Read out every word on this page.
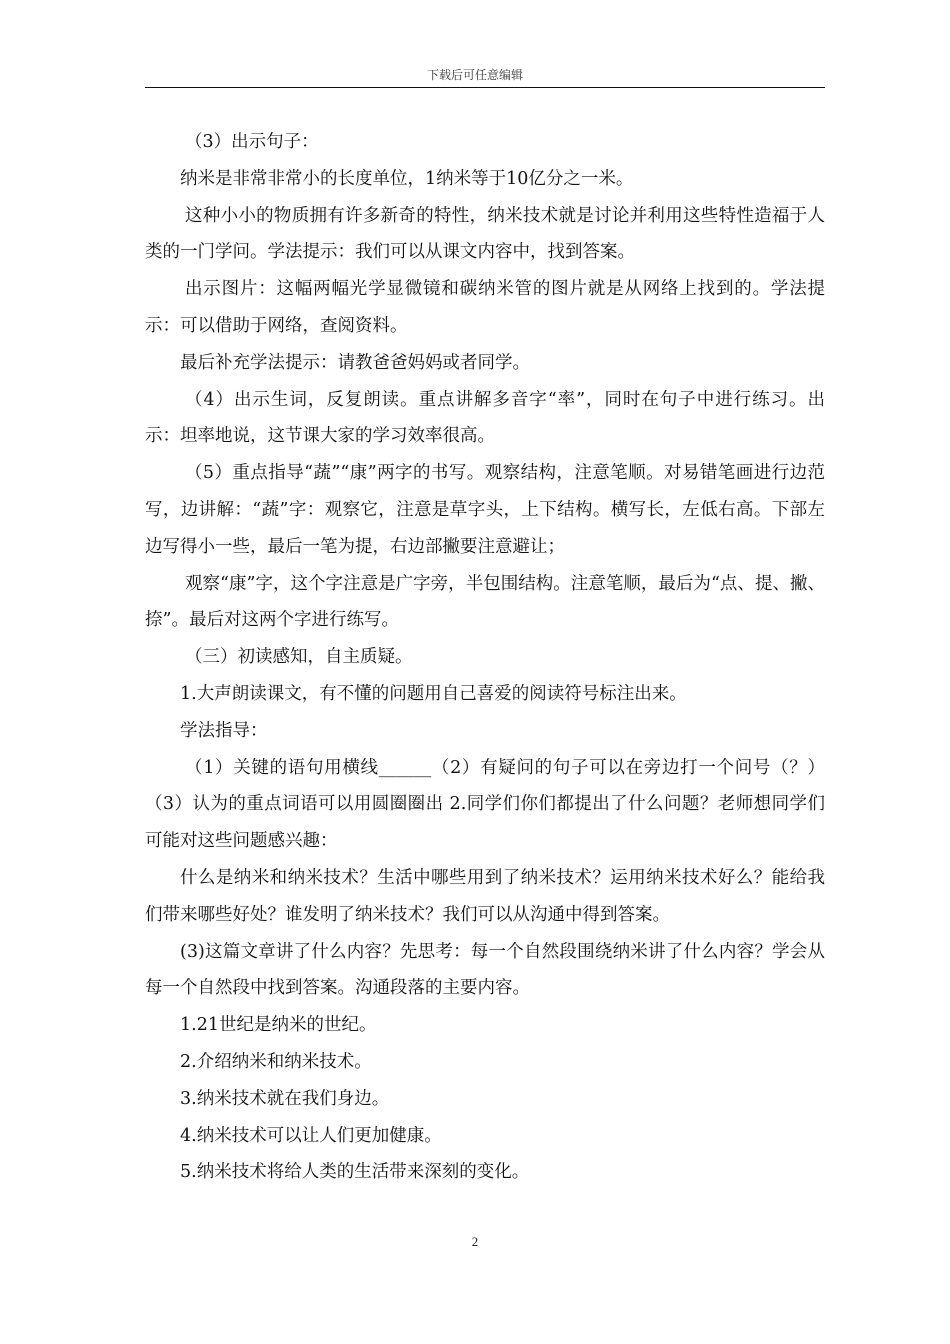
下载后可任意编辑

（3）出示句子：

纳米是非常非常小的长度单位，1纳米等于10亿分之一米。

这种小小的物质拥有许多新奇的特性，纳米技术就是讨论并利用这些特性造福于人类的一门学问。学法提示：我们可以从课文内容中，找到答案。

出示图片：这幅两幅光学显微镜和碳纳米管的图片就是从网络上找到的。学法提示：可以借助于网络，查阅资料。

最后补充学法提示：请教爸爸妈妈或者同学。

（4）出示生词，反复朗读。重点讲解多音字“率”，同时在句子中进行练习。出示：坦率地说，这节课大家的学习效率很高。

（5）重点指导“蔬”“康”两字的书写。观察结构，注意笔顺。对易错笔画进行边范写，边讲解：“蔬”字：观察它，注意是草字头，上下结构。横写长，左低右高。下部左边写得小一些，最后一笔为提，右边部撇要注意避让；

观察“康”字，这个字注意是广字旁，半包围结构。注意笔顺，最后为“点、提、撇、捺”。最后对这两个字进行练写。

（三）初读感知，自主质疑。

1.大声朗读课文，有不懂的问题用自己喜爱的阅读符号标注出来。

学法指导：

（1）关键的语句用横线______（2）有疑问的句子可以在旁边打一个问号（？）（3）认为的重点词语可以用圆圈圈出 2.同学们你们都提出了什么问题？老师想同学们可能对这些问题感兴趣：

什么是纳米和纳米技术？生活中哪些用到了纳米技术？运用纳米技术好么？能给我们带来哪些好处？谁发明了纳米技术？我们可以从沟通中得到答案。

(3)这篇文章讲了什么内容？先思考：每一个自然段围绕纳米讲了什么内容？学会从每一个自然段中找到答案。沟通段落的主要内容。

1.21世纪是纳米的世纪。

2.介绍纳米和纳米技术。

3.纳米技术就在我们身边。

4.纳米技术可以让人们更加健康。

5.纳米技术将给人类的生活带来深刻的变化。

2
